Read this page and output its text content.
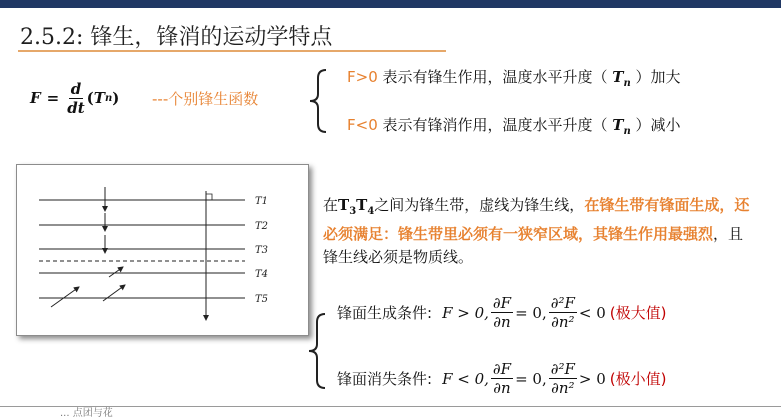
2.5.2: 锋生，锋消的运动学特点
$F = \frac{d}{dt}$ ( T n ) ---个别锋生函数
F>0 表示有锋生作用，温度水平升度（ $T_n$ ）加大
F<0 表示有锋消作用，温度水平升度（ $T_n$ ）减小
T1
T2
T3
T4
T5
在$T_3T_4$之间为锋生带，虚线为锋生线，在锋生带有锋面生成，还必须满足：锋生带里必须有一狭窄区域，其锋生作用最强烈，且锋生线必须是物质线。
锋面生成条件: F > 0, $\frac{\partial F}{\partial n} = 0$, $\frac{\text{∂²F}}{\text{∂n²}} < 0$ (极大值)
锋面消失条件: F < 0, $\frac{\partial F}{\partial n} = 0$, $\frac{\text{∂²F}}{\text{∂n²}} > 0$ (极小值)
... 点团与花
